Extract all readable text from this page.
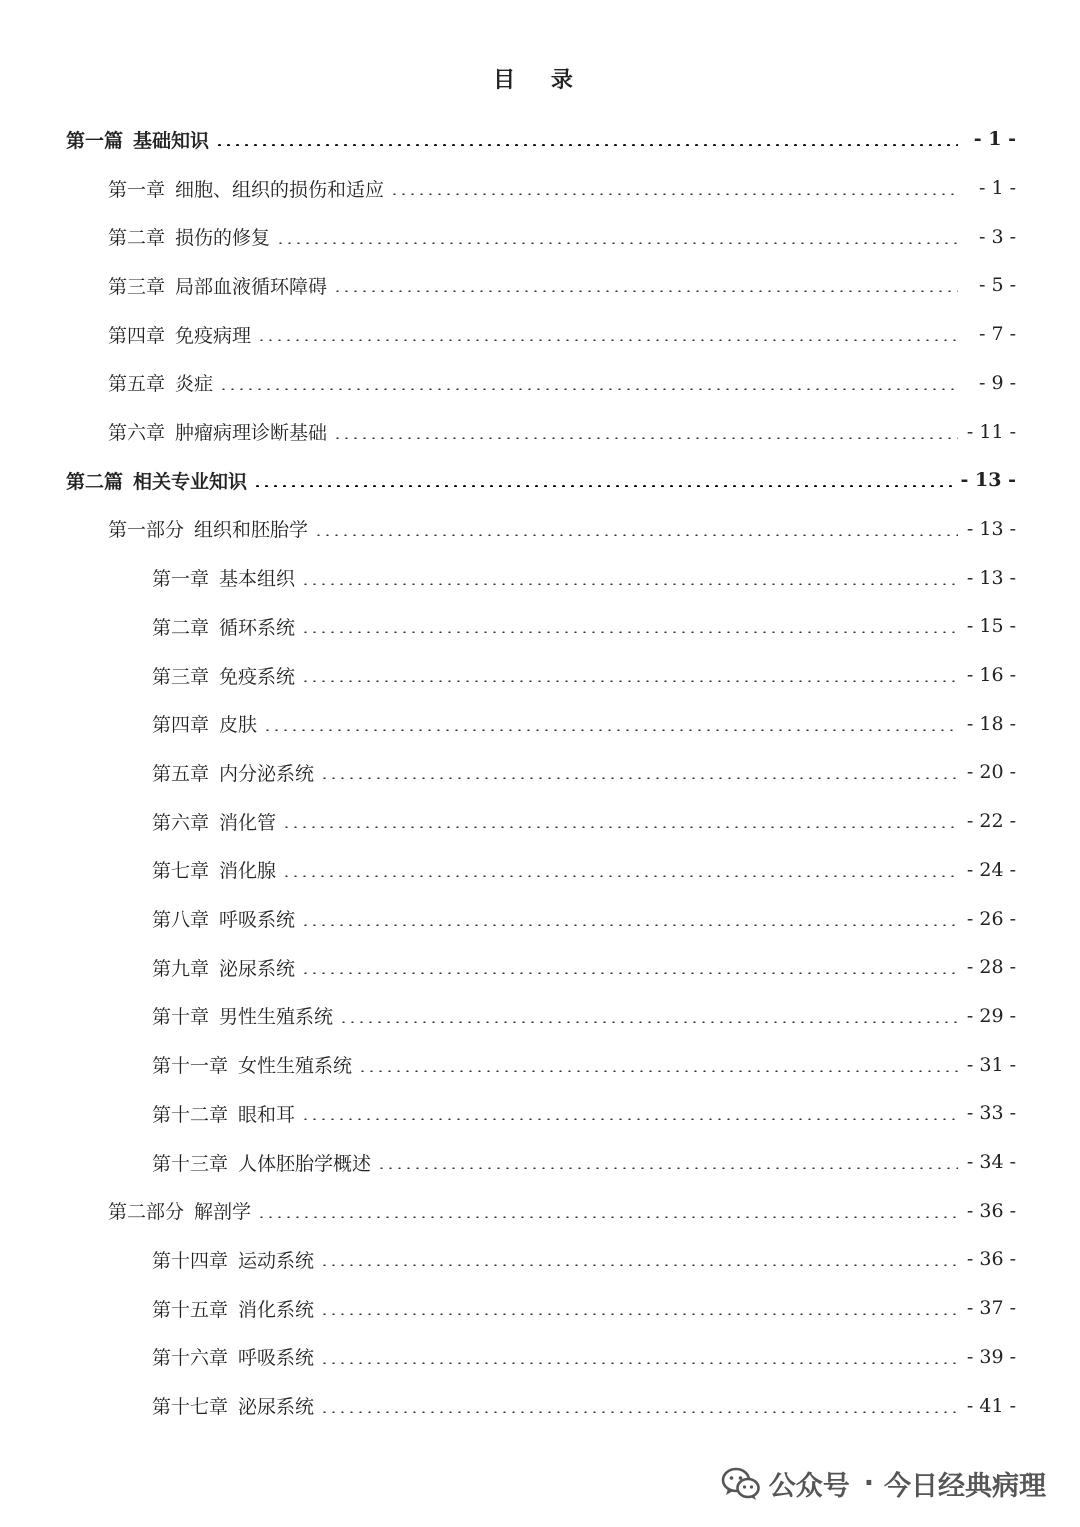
目 录
第一篇 基础知识	- 1 -
第一章 细胞、组织的损伤和适应	- 1 -
第二章 损伤的修复	- 3 -
第三章 局部血液循环障碍	- 5 -
第四章 免疫病理	- 7 -
第五章 炎症	- 9 -
第六章 肿瘤病理诊断基础	- 11 -
第二篇 相关专业知识	- 13 -
第一部分 组织和胚胎学	- 13 -
第一章 基本组织	- 13 -
第二章 循环系统	- 15 -
第三章 免疫系统	- 16 -
第四章 皮肤	- 18 -
第五章 内分泌系统	- 20 -
第六章 消化管	- 22 -
第七章 消化腺	- 24 -
第八章 呼吸系统	- 26 -
第九章 泌尿系统	- 28 -
第十章 男性生殖系统	- 29 -
第十一章 女性生殖系统	- 31 -
第十二章 眼和耳	- 33 -
第十三章 人体胚胎学概述	- 34 -
第二部分 解剖学	- 36 -
第十四章 运动系统	- 36 -
第十五章 消化系统	- 37 -
第十六章 呼吸系统	- 39 -
第十七章 泌尿系统	- 41 -
公众号 · 今日经典病理
